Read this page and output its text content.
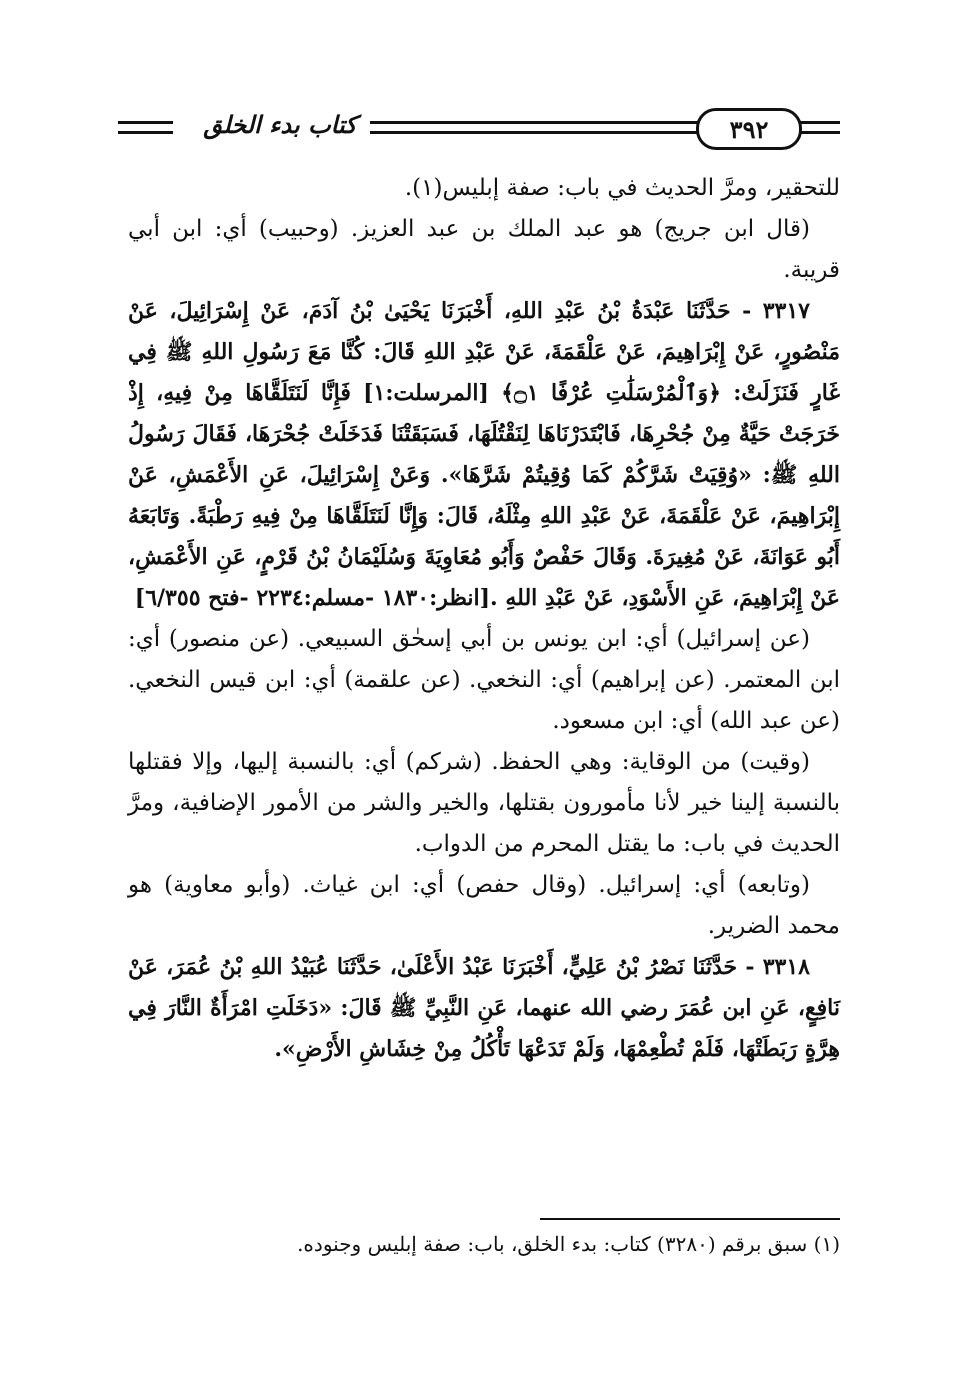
٣٩٢
كتاب بدء الخلق

للتحقير، ومرَّ الحديث في باب: صفة إبليس(١).

(قال ابن جريج) هو عبد الملك بن عبد العزيز. (وحبيب) أي: ابن أبي قريبة.

٣٣١٧ - حَدَّثَنَا عَبْدَةُ بْنُ عَبْدِ اللهِ، أَخْبَرَنَا يَحْيَىٰ بْنُ آدَمَ، عَنْ إِسْرَائِيلَ، عَنْ مَنْصُورٍ، عَنْ إِبْرَاهِيمَ، عَنْ عَلْقَمَةَ، عَنْ عَبْدِ اللهِ قَالَ: كُنَّا مَعَ رَسُولِ اللهِ ﷺ فِي غَارٍ فَنَزَلَتْ: ﴿وَٱلْمُرْسَلَٰتِ عُرْفًا ۝١﴾ [المرسلت:١] فَإِنَّا لَنَتَلَقَّاهَا مِنْ فِيهِ، إِذْ خَرَجَتْ حَيَّةٌ مِنْ جُحْرِهَا، فَابْتَدَرْنَاهَا لِنَقْتُلَهَا، فَسَبَقَتْنَا فَدَخَلَتْ جُحْرَهَا، فَقَالَ رَسُولُ اللهِ ﷺ: «وُقِيَتْ شَرَّكُمْ كَمَا وُقِيتُمْ شَرَّهَا». وَعَنْ إِسْرَائِيلَ، عَنِ الأَعْمَشِ، عَنْ إِبْرَاهِيمَ، عَنْ عَلْقَمَةَ، عَنْ عَبْدِ اللهِ مِثْلَهُ، قَالَ: وَإِنَّا لَنَتَلَقَّاهَا مِنْ فِيهِ رَطْبَةً. وَتَابَعَهُ أَبُو عَوَانَةَ، عَنْ مُغِيرَةَ. وَقَالَ حَفْصٌ وَأَبُو مُعَاوِيَةَ وَسُلَيْمَانُ بْنُ قَرْمٍ، عَنِ الأَعْمَشِ، عَنْ إِبْرَاهِيمَ، عَنِ الأَسْوَدِ، عَنْ عَبْدِ اللهِ .[انظر:١٨٣٠ -مسلم:٢٢٣٤ -فتح ٦/٣٥٥]

(عن إسرائيل) أي: ابن يونس بن أبي إسحٰق السبيعي. (عن منصور) أي: ابن المعتمر. (عن إبراهيم) أي: النخعي. (عن علقمة) أي: ابن قيس النخعي. (عن عبد الله) أي: ابن مسعود.

(وقيت) من الوقاية: وهي الحفظ. (شركم) أي: بالنسبة إليها، وإلا فقتلها بالنسبة إلينا خير لأنا مأمورون بقتلها، والخير والشر من الأمور الإضافية، ومرَّ الحديث في باب: ما يقتل المحرم من الدواب.

(وتابعه) أي: إسرائيل. (وقال حفص) أي: ابن غياث. (وأبو معاوية) هو محمد الضرير.

٣٣١٨ - حَدَّثَنَا نَصْرُ بْنُ عَلِيٍّ، أَخْبَرَنَا عَبْدُ الأَعْلَىٰ، حَدَّثَنَا عُبَيْدُ اللهِ بْنُ عُمَرَ، عَنْ نَافِعٍ، عَنِ ابن عُمَرَ رضي الله عنهما، عَنِ النَّبِيِّ ﷺ قَالَ: «دَخَلَتِ امْرَأَةٌ النَّارَ فِي هِرَّةٍ رَبَطَتْهَا، فَلَمْ تُطْعِمْهَا، وَلَمْ تَدَعْهَا تَأْكُلُ مِنْ خِشَاشِ الأَرْضِ».

(١) سبق برقم (٣٢٨٠) كتاب: بدء الخلق، باب: صفة إبليس وجنوده.
